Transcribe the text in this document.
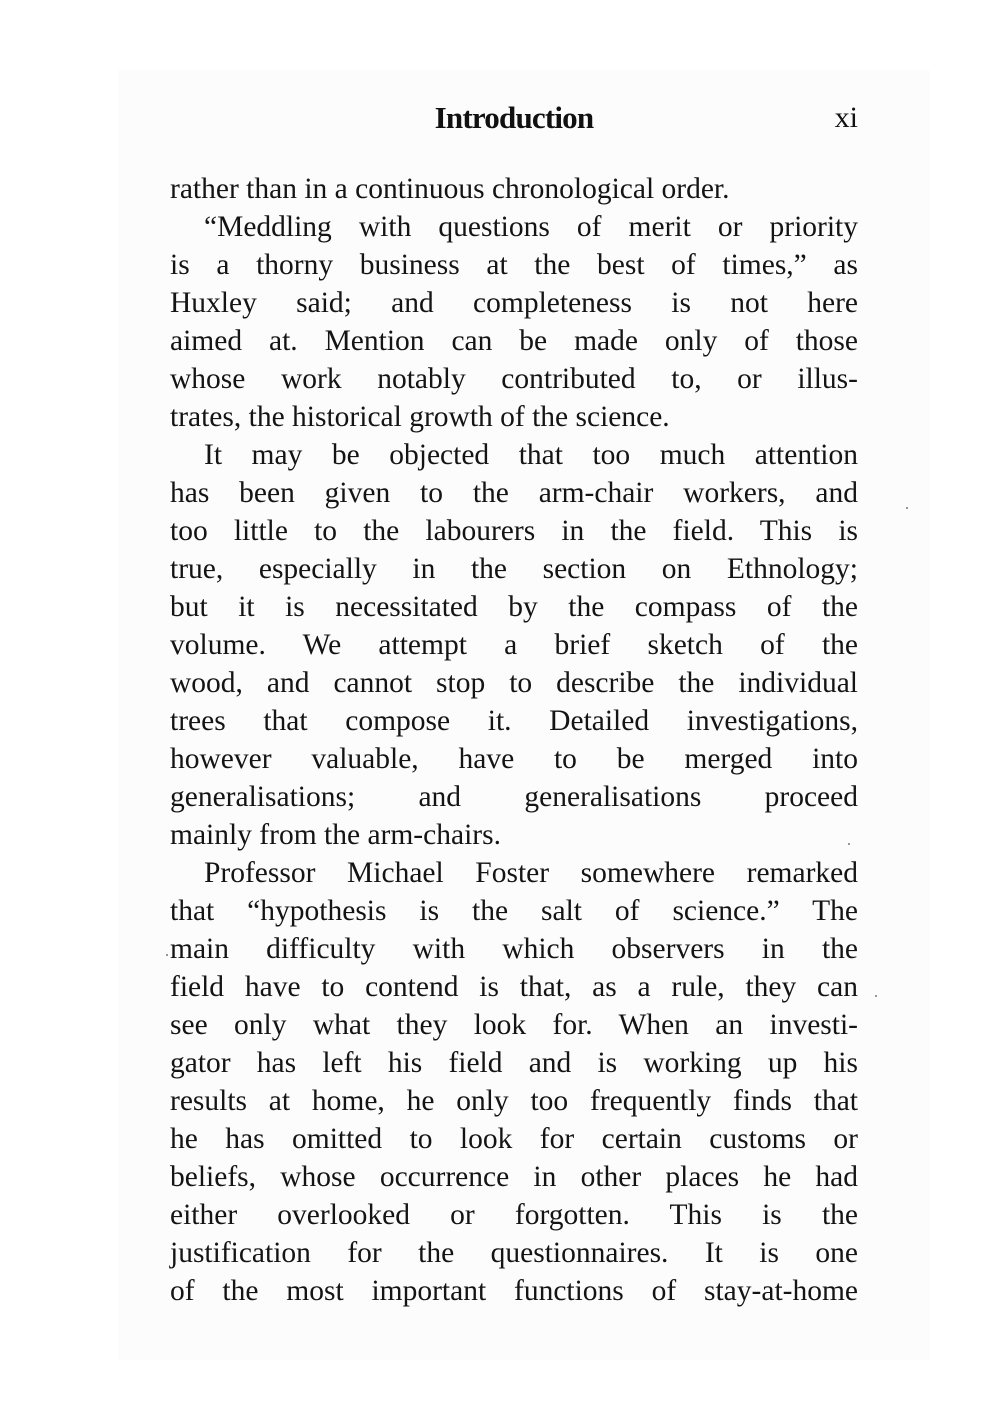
Introduction	xi
rather than in a continuous chronological order.
“Meddling with questions of merit or priority
is a thorny business at the best of times,” as
Huxley said; and completeness is not here
aimed at. Mention can be made only of those
whose work notably contributed to, or illus-
trates, the historical growth of the science.
It may be objected that too much attention
has been given to the arm-chair workers, and
too little to the labourers in the field. This is
true, especially in the section on Ethnology;
but it is necessitated by the compass of the
volume. We attempt a brief sketch of the
wood, and cannot stop to describe the individual
trees that compose it. Detailed investigations,
however valuable, have to be merged into
generalisations; and generalisations proceed
mainly from the arm-chairs.
Professor Michael Foster somewhere remarked
that “hypothesis is the salt of science.” The
main difficulty with which observers in the
field have to contend is that, as a rule, they can
see only what they look for. When an investi-
gator has left his field and is working up his
results at home, he only too frequently finds that
he has omitted to look for certain customs or
beliefs, whose occurrence in other places he had
either overlooked or forgotten. This is the
justification for the questionnaires. It is one
of the most important functions of stay-at-home
